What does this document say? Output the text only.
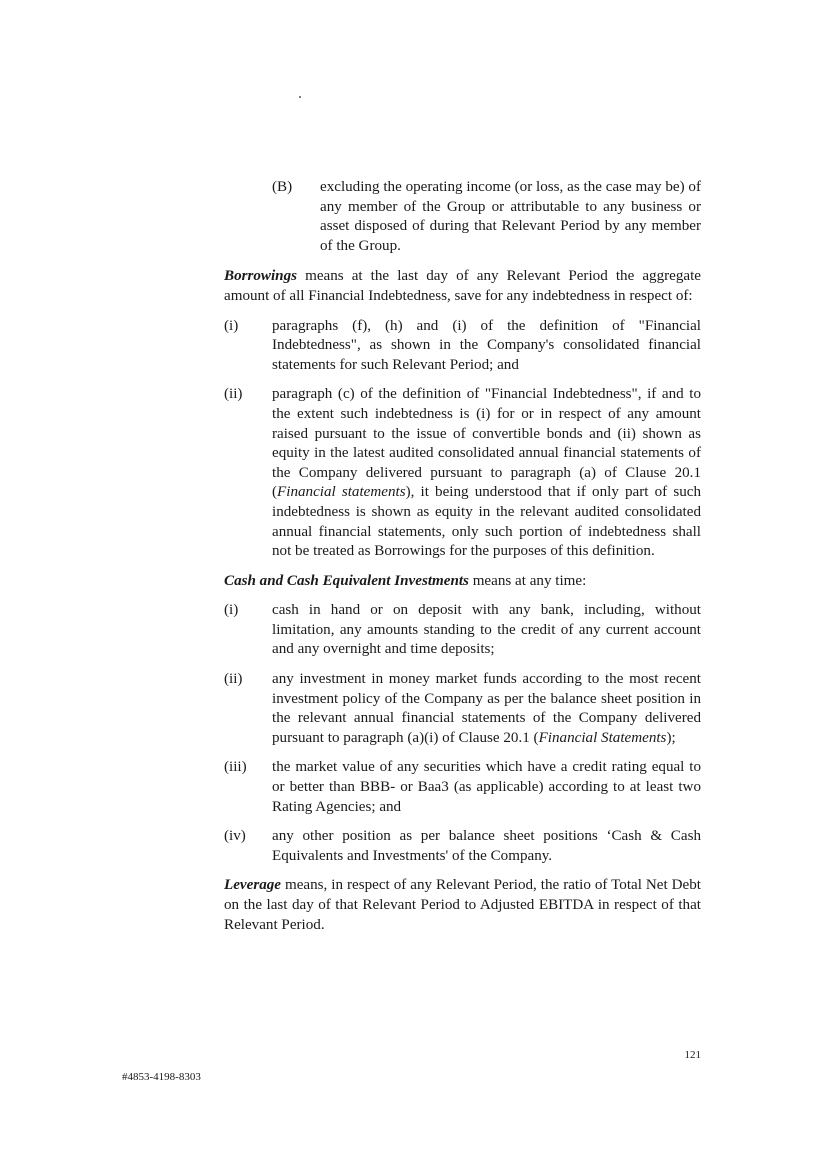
(B)	excluding the operating income (or loss, as the case may be) of any member of the Group or attributable to any business or asset disposed of during that Relevant Period by any member of the Group.

Borrowings means at the last day of any Relevant Period the aggregate amount of all Financial Indebtedness, save for any indebtedness in respect of:

(i)	paragraphs (f), (h) and (i) of the definition of "Financial Indebtedness", as shown in the Company's consolidated financial statements for such Relevant Period; and
(ii)	paragraph (c) of the definition of "Financial Indebtedness", if and to the extent such indebtedness is (i) for or in respect of any amount raised pursuant to the issue of convertible bonds and (ii) shown as equity in the latest audited consolidated annual financial statements of the Company delivered pursuant to paragraph (a) of Clause 20.1 (Financial statements), it being understood that if only part of such indebtedness is shown as equity in the relevant audited consolidated annual financial statements, only such portion of indebtedness shall not be treated as Borrowings for the purposes of this definition.

Cash and Cash Equivalent Investments means at any time:

(i)	cash in hand or on deposit with any bank, including, without limitation, any amounts standing to the credit of any current account and any overnight and time deposits;
(ii)	any investment in money market funds according to the most recent investment policy of the Company as per the balance sheet position in the relevant annual financial statements of the Company delivered pursuant to paragraph (a)(i) of Clause 20.1 (Financial Statements);
(iii)	the market value of any securities which have a credit rating equal to or better than BBB- or Baa3 (as applicable) according to at least two Rating Agencies; and
(iv)	any other position as per balance sheet positions ‘Cash & Cash Equivalents and Investments' of the Company.

Leverage means, in respect of any Relevant Period, the ratio of Total Net Debt on the last day of that Relevant Period to Adjusted EBITDA in respect of that Relevant Period.

121
#4853-4198-8303
